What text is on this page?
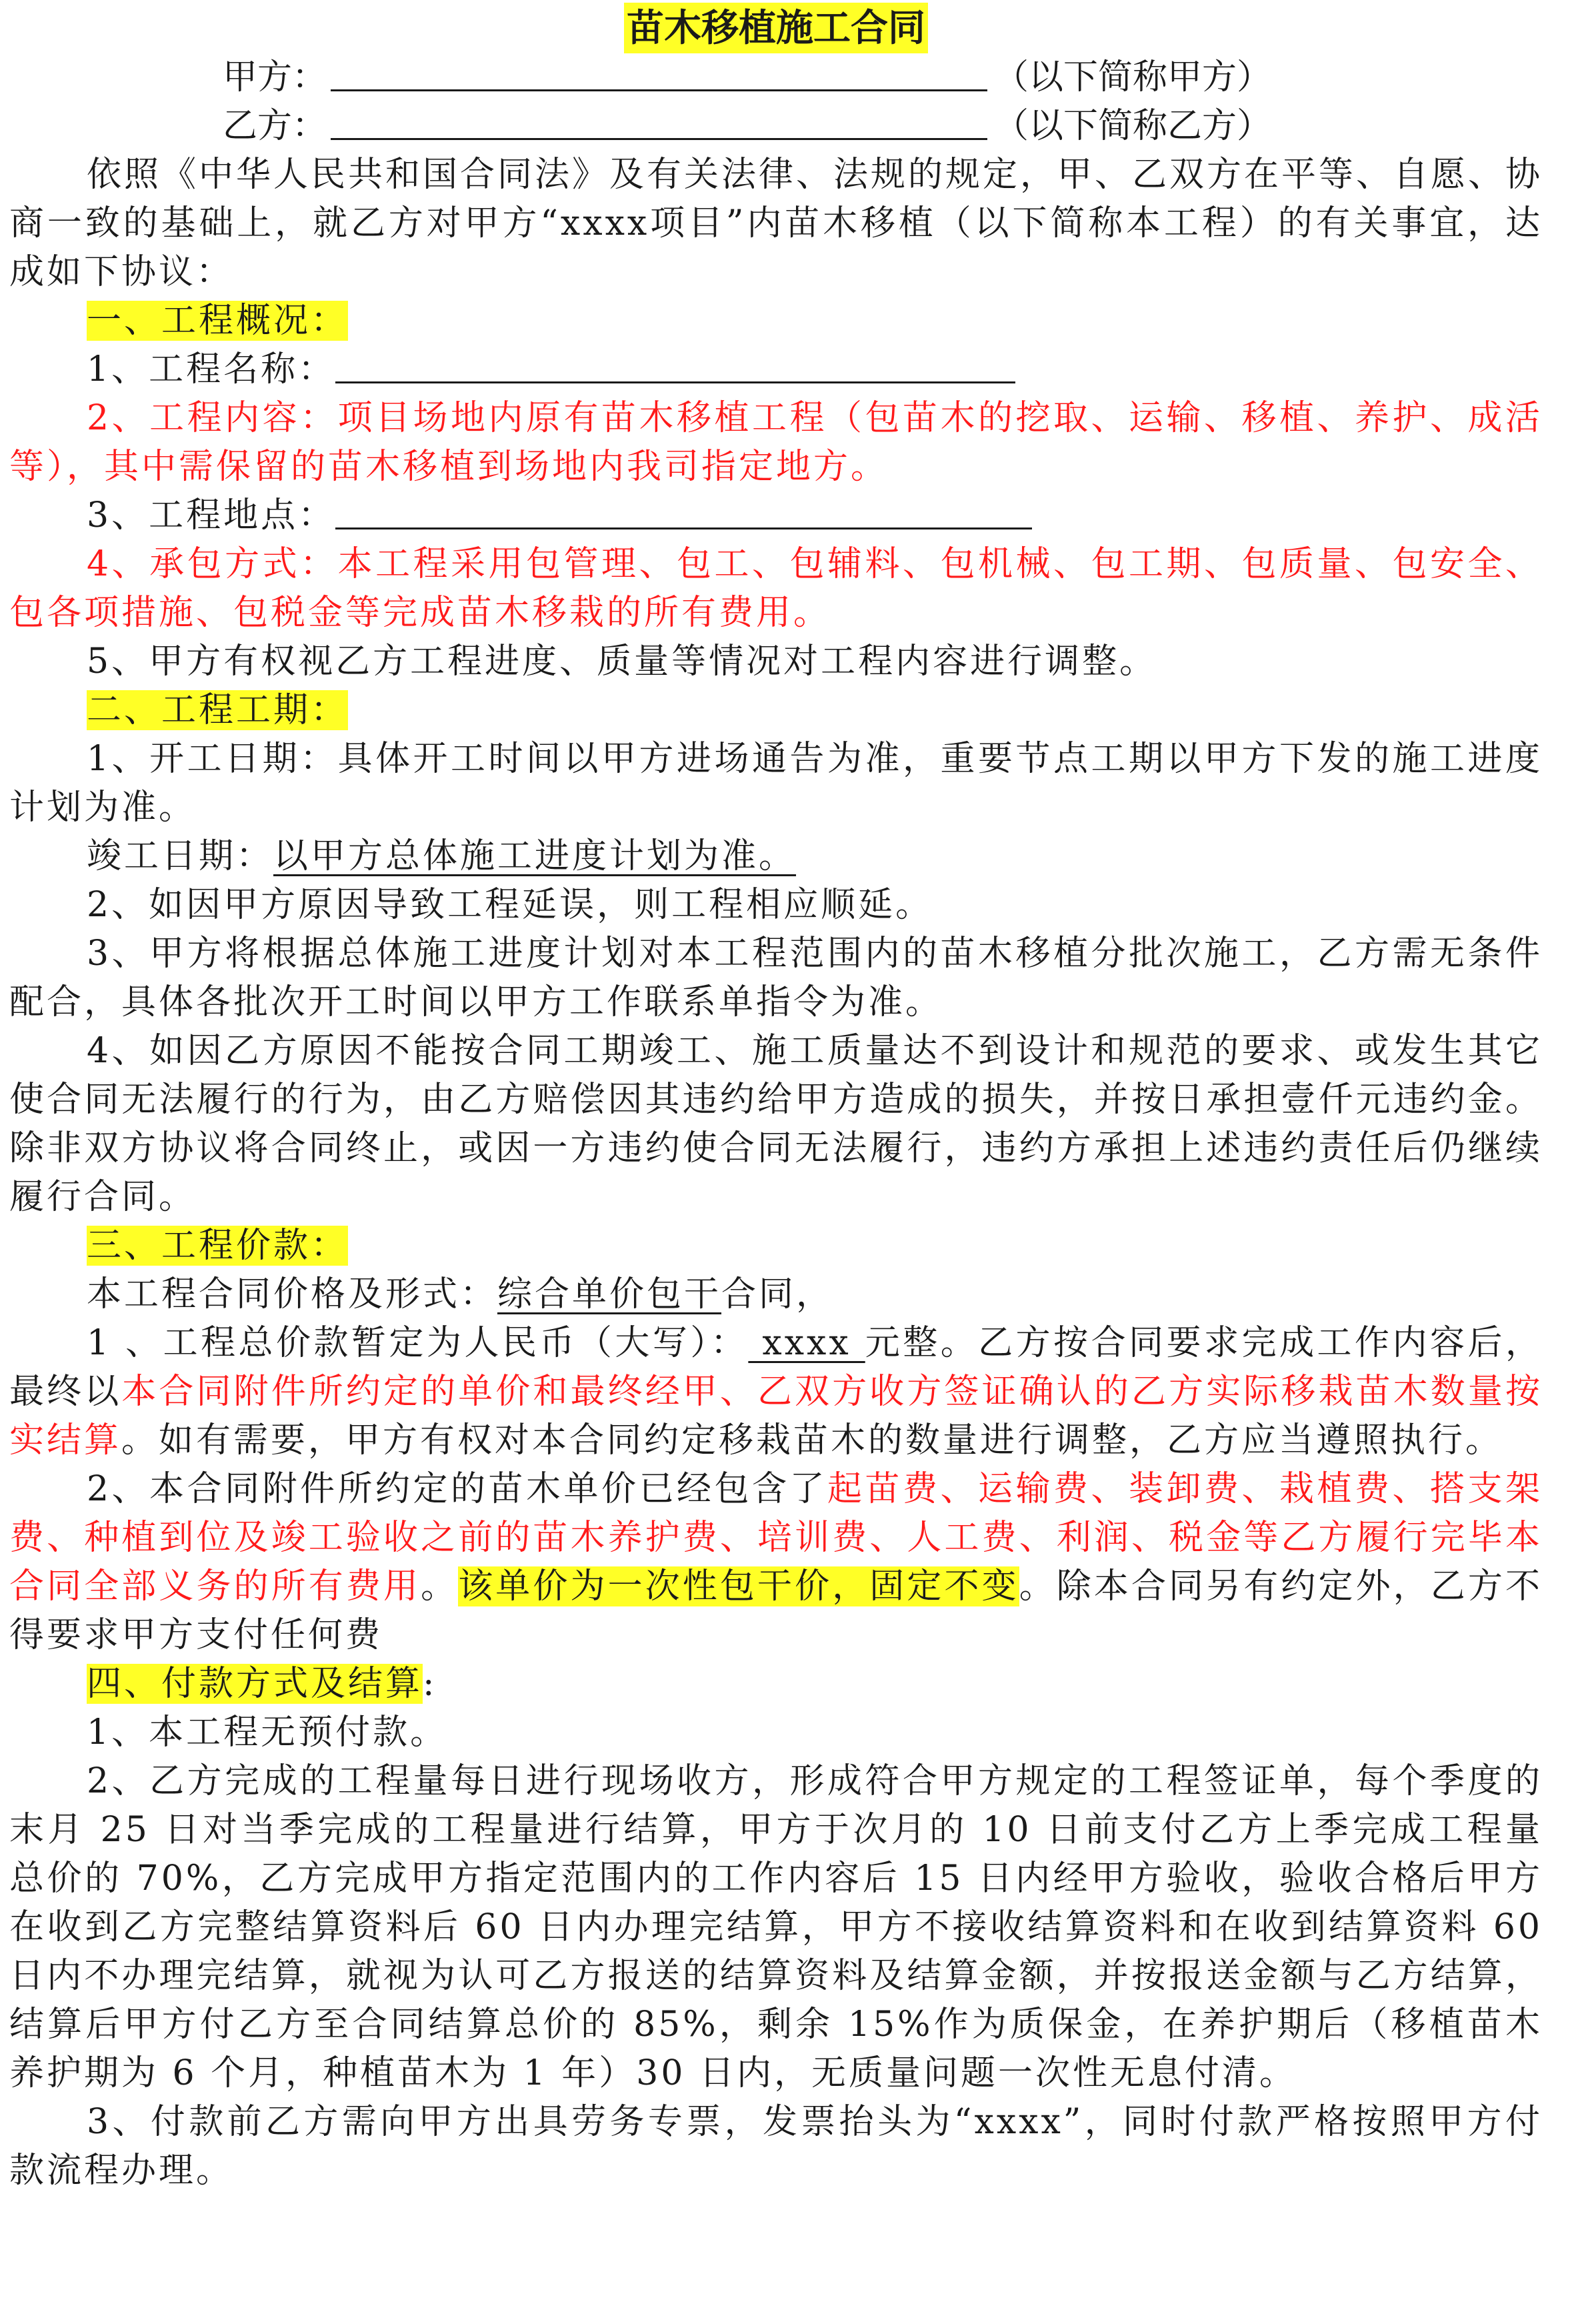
苗木移植施工合同
甲方：	（以下简称甲方）
乙方：	（以下简称乙方）

依照《中华人民共和国合同法》及有关法律、法规的规定，甲、乙双方在平等、自愿、协商一致的基础上，就乙方对甲方“xxxx项目”内苗木移植（以下简称本工程）的有关事宜，达成如下协议：

一、工程概况：

1、工程名称：

2、工程内容：项目场地内原有苗木移植工程（包苗木的挖取、运输、移植、养护、成活等），其中需保留的苗木移植到场地内我司指定地方。

3、工程地点：

4、承包方式：本工程采用包管理、包工、包辅料、包机械、包工期、包质量、包安全、包各项措施、包税金等完成苗木移栽的所有费用。

5、甲方有权视乙方工程进度、质量等情况对工程内容进行调整。

二、工程工期：

1、开工日期：具体开工时间以甲方进场通告为准，重要节点工期以甲方下发的施工进度计划为准。

竣工日期：以甲方总体施工进度计划为准。

2、如因甲方原因导致工程延误，则工程相应顺延。

3、甲方将根据总体施工进度计划对本工程范围内的苗木移植分批次施工，乙方需无条件配合，具体各批次开工时间以甲方工作联系单指令为准。

4、如因乙方原因不能按合同工期竣工、施工质量达不到设计和规范的要求、或发生其它使合同无法履行的行为，由乙方赔偿因其违约给甲方造成的损失，并按日承担壹仟元违约金。除非双方协议将合同终止，或因一方违约使合同无法履行，违约方承担上述违约责任后仍继续履行合同。

三、工程价款：

本工程合同价格及形式：综合单价包干合同，

1 、工程总价款暂定为人民币（大写）： xxxx 元整。乙方按合同要求完成工作内容后，最终以本合同附件所约定的单价和最终经甲、乙双方收方签证确认的乙方实际移栽苗木数量按实结算。如有需要，甲方有权对本合同约定移栽苗木的数量进行调整，乙方应当遵照执行。

2、本合同附件所约定的苗木单价已经包含了起苗费、运输费、装卸费、栽植费、搭支架费、种植到位及竣工验收之前的苗木养护费、培训费、人工费、利润、税金等乙方履行完毕本合同全部义务的所有费用。该单价为一次性包干价，固定不变。除本合同另有约定外，乙方不得要求甲方支付任何费

四、付款方式及结算:

1、本工程无预付款。

2、乙方完成的工程量每日进行现场收方，形成符合甲方规定的工程签证单，每个季度的末月 25 日对当季完成的工程量进行结算，甲方于次月的 10 日前支付乙方上季完成工程量总价的 70%，乙方完成甲方指定范围内的工作内容后 15 日内经甲方验收，验收合格后甲方在收到乙方完整结算资料后 60 日内办理完结算，甲方不接收结算资料和在收到结算资料 60 日内不办理完结算，就视为认可乙方报送的结算资料及结算金额，并按报送金额与乙方结算，结算后甲方付乙方至合同结算总价的 85%，剩余 15%作为质保金，在养护期后（移植苗木养护期为 6 个月，种植苗木为 1 年）30 日内，无质量问题一次性无息付清。

3、付款前乙方需向甲方出具劳务专票，发票抬头为“xxxx”，同时付款严格按照甲方付款流程办理。
